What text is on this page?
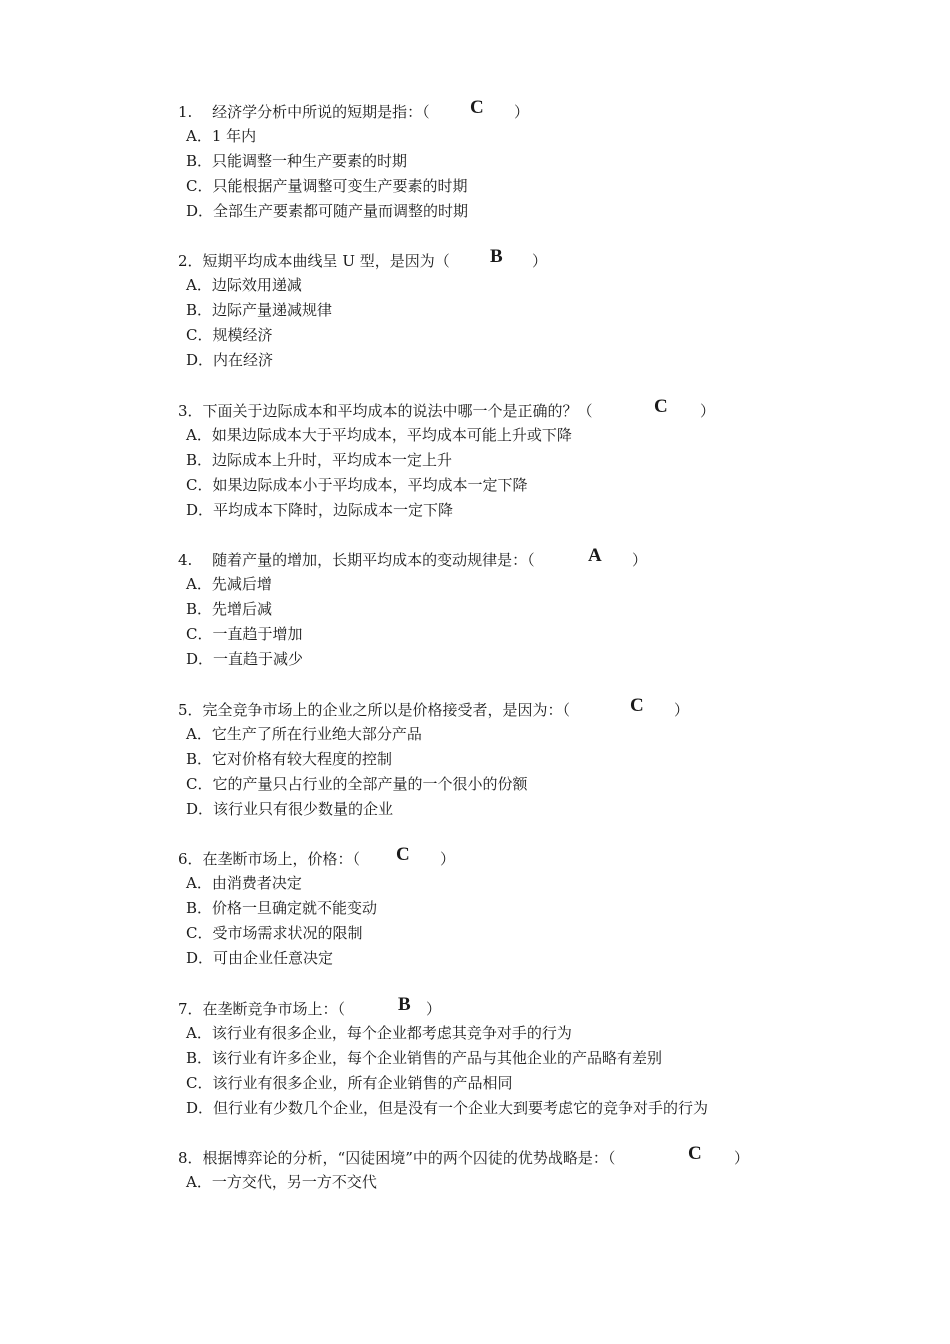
1.　 经济学分析中所说的短期是指：（ C ）
A．1 年内
B．只能调整一种生产要素的时期
C．只能根据产量调整可变生产要素的时期
D．全部生产要素都可随产量而调整的时期
2．短期平均成本曲线呈 U 型，是因为（ B ）
A．边际效用递减
B．边际产量递减规律
C．规模经济
D．内在经济
3．下面关于边际成本和平均成本的说法中哪一个是正确的？（	C ）
A．如果边际成本大于平均成本，平均成本可能上升或下降
B．边际成本上升时，平均成本一定上升
C．如果边际成本小于平均成本，平均成本一定下降
D．平均成本下降时，边际成本一定下降
4.　 随着产量的增加，长期平均成本的变动规律是：（	A ）
A．先减后增
B．先增后减
C．一直趋于增加
D．一直趋于减少
5．完全竞争市场上的企业之所以是价格接受者，是因为：（	C ）
A．它生产了所在行业绝大部分产品
B．它对价格有较大程度的控制
C．它的产量只占行业的全部产量的一个很小的份额
D．该行业只有很少数量的企业
6．在垄断市场上，价格：（ C ）
A．由消费者决定
B．价格一旦确定就不能变动
C．受市场需求状况的限制
D．可由企业任意决定
7．在垄断竞争市场上：（	B ）
A．该行业有很多企业，每个企业都考虑其竞争对手的行为
B．该行业有许多企业，每个企业销售的产品与其他企业的产品略有差别
C．该行业有很多企业，所有企业销售的产品相同
D．但行业有少数几个企业，但是没有一个企业大到要考虑它的竞争对手的行为
8．根据博弈论的分析，“囚徒困境”中的两个囚徒的优势战略是：（	C ）
A．一方交代，另一方不交代
